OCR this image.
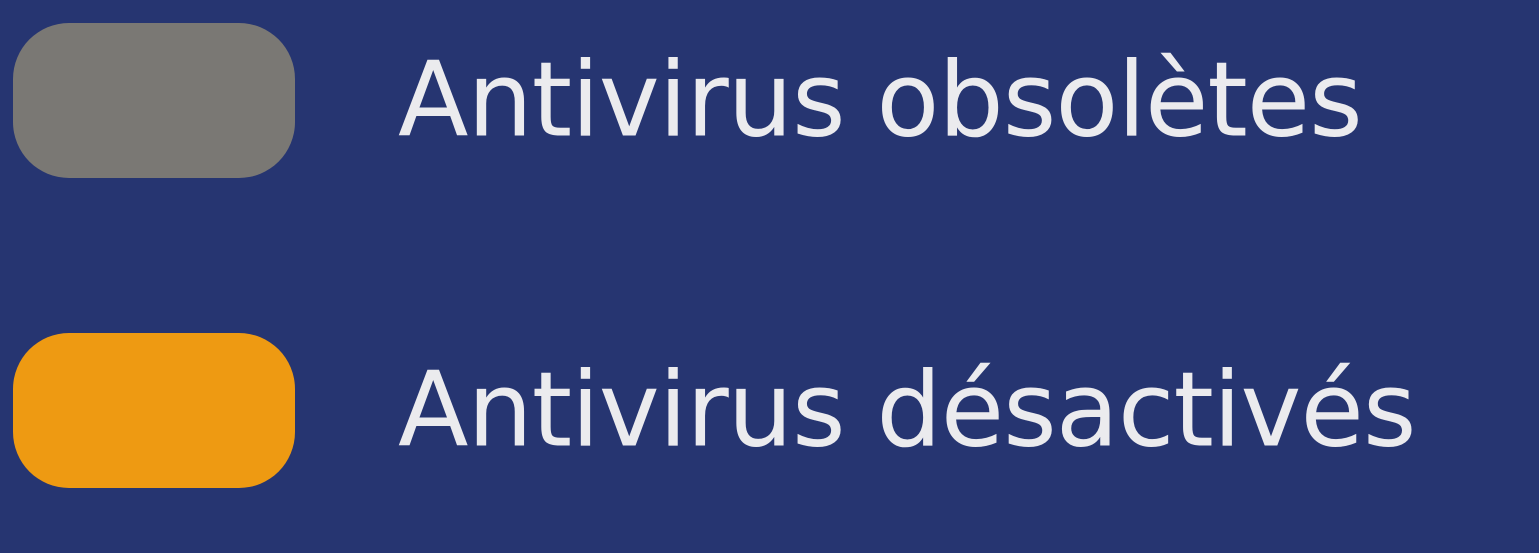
Antivirus obsolètes
Antivirus désactivés
